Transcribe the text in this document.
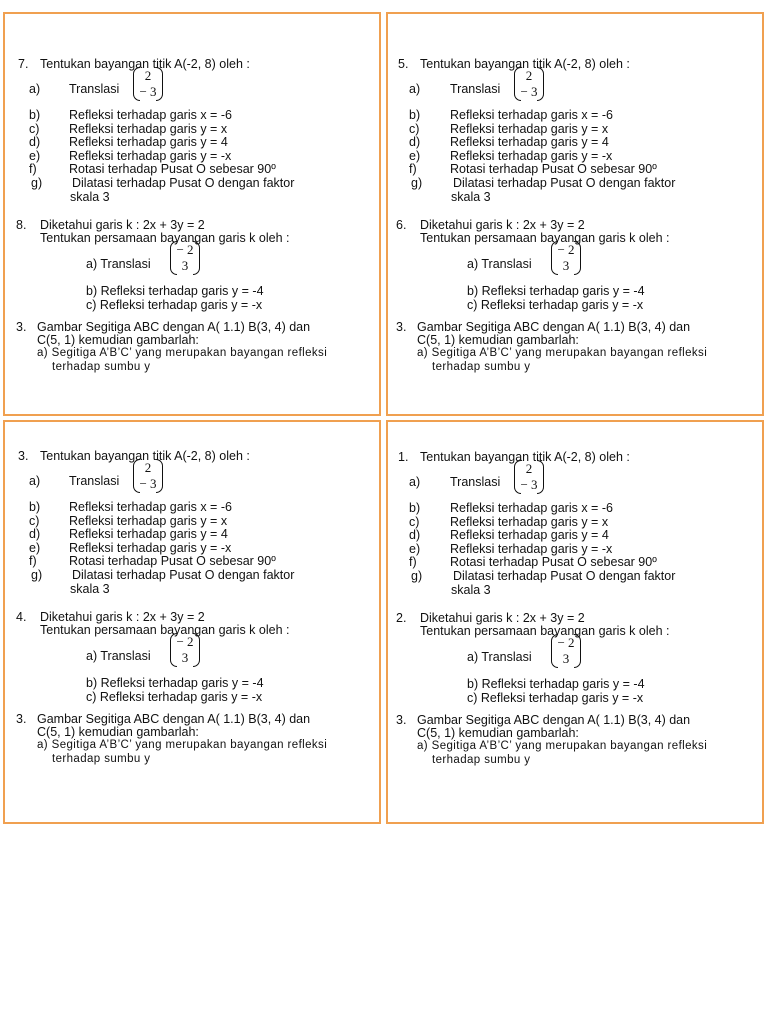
7. Tentukan bayangan titik A(-2, 8) oleh :
a) Translasi
2
− 3
b) Refleksi terhadap garis x = -6
c) Refleksi terhadap garis y = x
d) Refleksi terhadap garis y = 4
e) Refleksi terhadap garis y = -x
f)	Rotasi terhadap Pusat O sebesar 90º
g) Dilatasi terhadap Pusat O dengan faktor
skala 3
8. Diketahui garis k : 2x + 3y = 2
Tentukan persamaan bayangan garis k oleh :
a) Translasi
− 2
3
b) Refleksi terhadap garis y = -4
c) Refleksi terhadap garis y = -x
3. Gambar Segitiga ABC dengan A( 1.1) B(3, 4) dan
C(5, 1) kemudian gambarlah:
a) Segitiga A’B’C’ yang merupakan bayangan refleksi
terhadap sumbu y
5. Tentukan bayangan titik A(-2, 8) oleh :
a) Translasi
2
− 3
b) Refleksi terhadap garis x = -6
c) Refleksi terhadap garis y = x
d) Refleksi terhadap garis y = 4
e) Refleksi terhadap garis y = -x
f)	Rotasi terhadap Pusat O sebesar 90º
g) Dilatasi terhadap Pusat O dengan faktor
skala 3
6. Diketahui garis k : 2x + 3y = 2
Tentukan persamaan bayangan garis k oleh :
a) Translasi
− 2
3
b) Refleksi terhadap garis y = -4
c) Refleksi terhadap garis y = -x
3. Gambar Segitiga ABC dengan A( 1.1) B(3, 4) dan
C(5, 1) kemudian gambarlah:
a) Segitiga A’B’C’ yang merupakan bayangan refleksi
terhadap sumbu y
3. Tentukan bayangan titik A(-2, 8) oleh :
a) Translasi
2
− 3
b) Refleksi terhadap garis x = -6
c) Refleksi terhadap garis y = x
d) Refleksi terhadap garis y = 4
e) Refleksi terhadap garis y = -x
f)	Rotasi terhadap Pusat O sebesar 90º
g) Dilatasi terhadap Pusat O dengan faktor
skala 3
4. Diketahui garis k : 2x + 3y = 2
Tentukan persamaan bayangan garis k oleh :
a) Translasi
− 2
3
b) Refleksi terhadap garis y = -4
c) Refleksi terhadap garis y = -x
3. Gambar Segitiga ABC dengan A( 1.1) B(3, 4) dan
C(5, 1) kemudian gambarlah:
a) Segitiga A’B’C’ yang merupakan bayangan refleksi
terhadap sumbu y
1. Tentukan bayangan titik A(-2, 8) oleh :
a) Translasi
2
− 3
b) Refleksi terhadap garis x = -6
c) Refleksi terhadap garis y = x
d) Refleksi terhadap garis y = 4
e) Refleksi terhadap garis y = -x
f)	Rotasi terhadap Pusat O sebesar 90º
g) Dilatasi terhadap Pusat O dengan faktor
skala 3
2. Diketahui garis k : 2x + 3y = 2
Tentukan persamaan bayangan garis k oleh :
a) Translasi
− 2
3
b) Refleksi terhadap garis y = -4
c) Refleksi terhadap garis y = -x
3. Gambar Segitiga ABC dengan A( 1.1) B(3, 4) dan
C(5, 1) kemudian gambarlah:
a) Segitiga A’B’C’ yang merupakan bayangan refleksi
terhadap sumbu y
